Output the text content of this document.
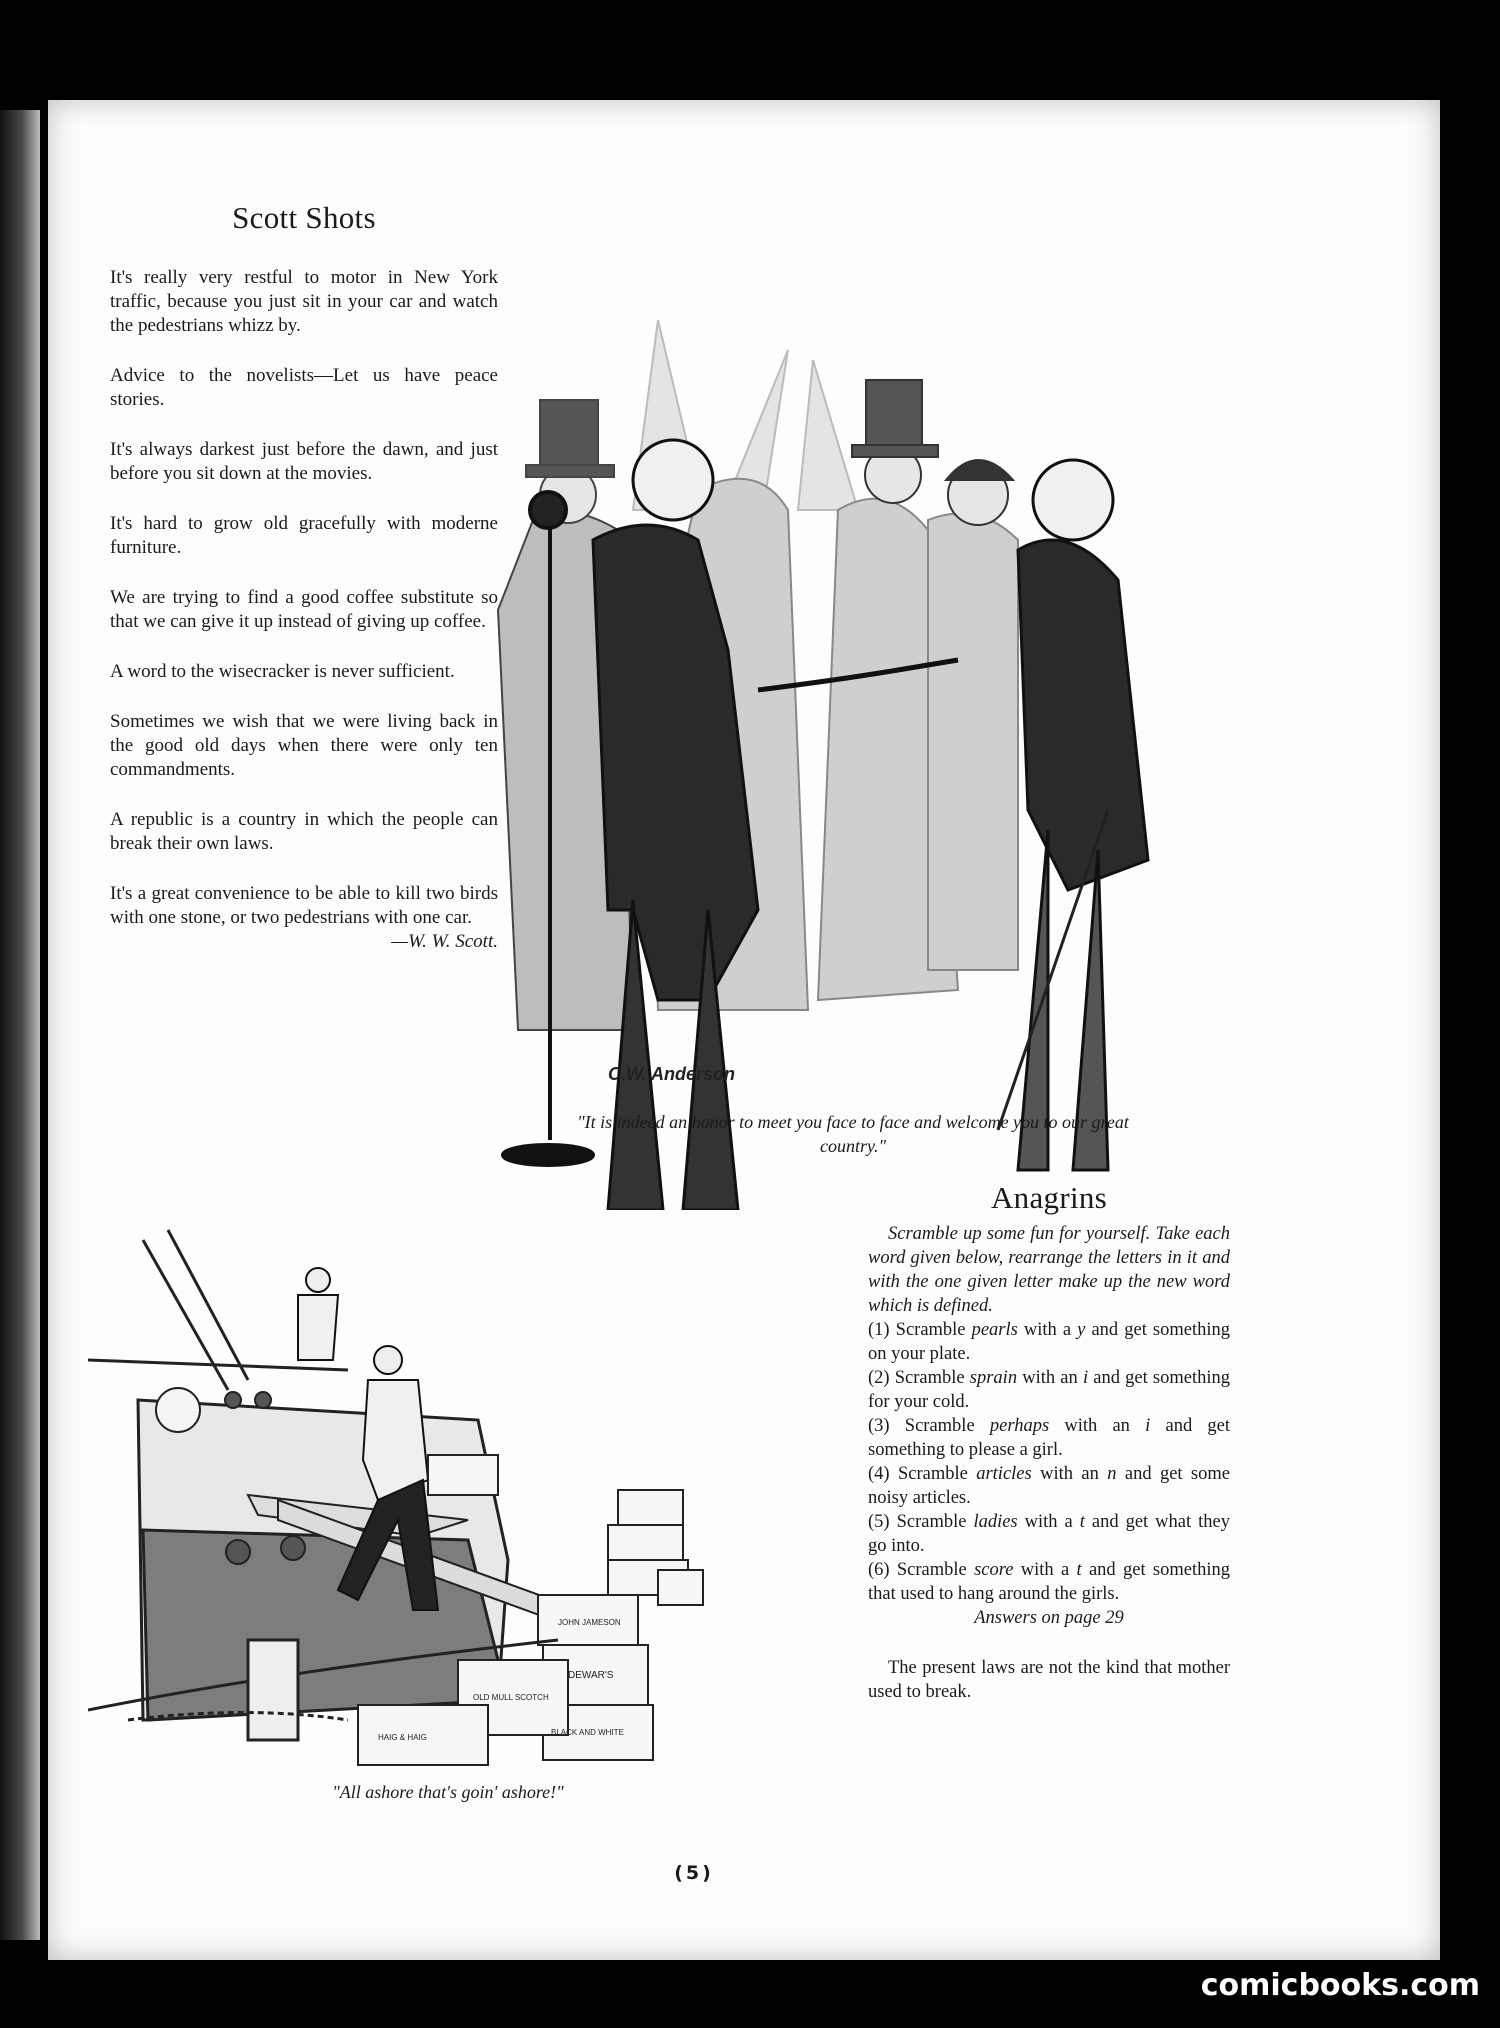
Scott Shots

It's really very restful to motor in New York traffic, because you just sit in your car and watch the pedestrians whizz by.

Advice to the novelists—Let us have peace stories.

It's always darkest just before the dawn, and just before you sit down at the movies.

It's hard to grow old gracefully with moderne furniture.

We are trying to find a good coffee substitute so that we can give it up instead of giving up coffee.

A word to the wisecracker is never sufficient.

Sometimes we wish that we were living back in the good old days when there were only ten commandments.

A republic is a country in which the people can break their own laws.

It's a great convenience to be able to kill two birds with one stone, or two pedestrians with one car.

—W. W. Scott.

C.W. Anderson
"It is indeed an honor to meet you face to face and welcome you to our great country."
JOHN JAMESON
DEWAR'S
OLD MULL SCOTCH
BLACK AND WHITE
HAIG & HAIG
"All ashore that's goin' ashore!"
Anagrins

Scramble up some fun for yourself. Take each word given below, rearrange the letters in it and with the one given letter make up the new word which is defined.

(1) Scramble pearls with a y and get something on your plate.

(2) Scramble sprain with an i and get something for your cold.

(3) Scramble perhaps with an i and get something to please a girl.

(4) Scramble articles with an n and get some noisy articles.

(5) Scramble ladies with a t and get what they go into.

(6) Scramble score with a t and get something that used to hang around the girls.

Answers on page 29

The present laws are not the kind that mother used to break.

(5)
comicbooks.com
